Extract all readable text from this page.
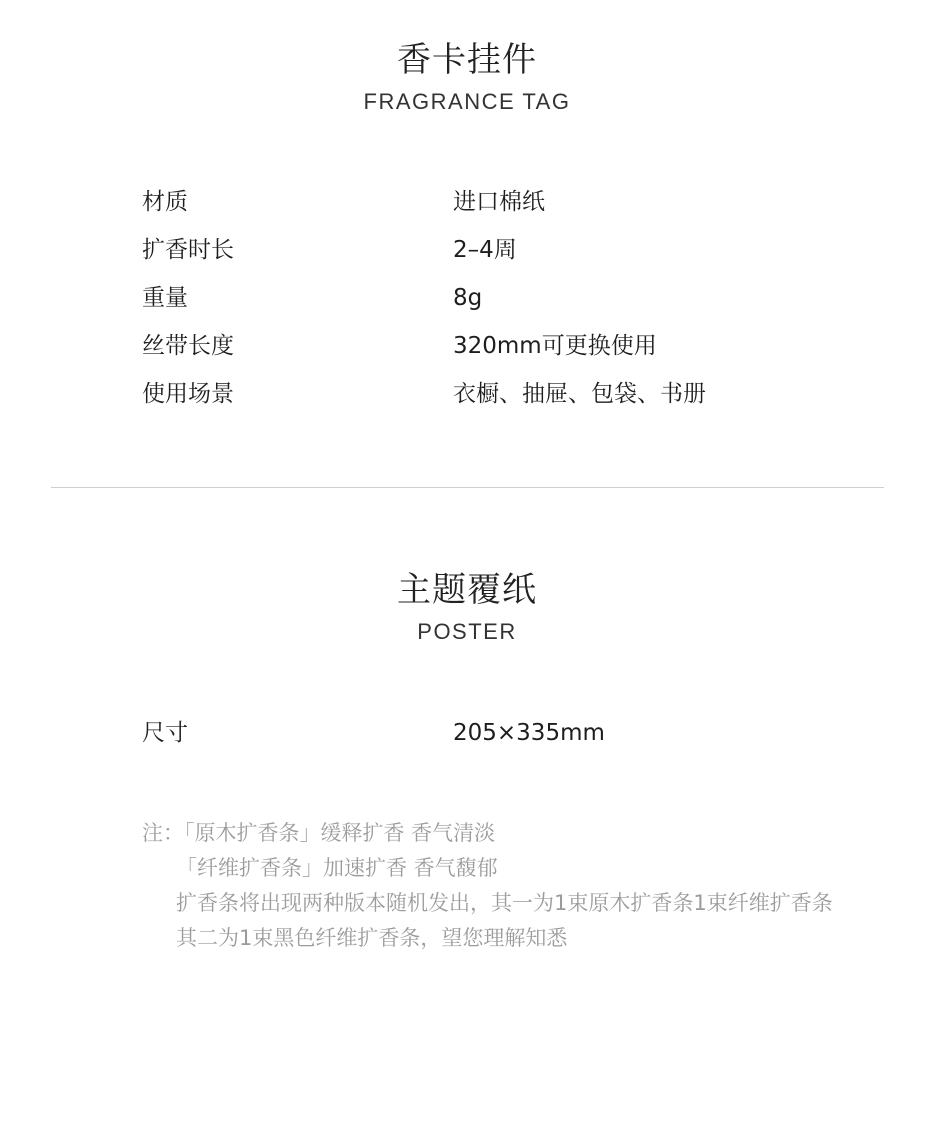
香卡挂件
FRAGRANCE TAG
材质	进口棉纸
扩香时长	2–4周
重量	8g
丝带长度	320mm可更换使用
使用场景	衣橱、抽屉、包袋、书册
主题覆纸
POSTER
尺寸	205×335mm
注：「原木扩香条」缓释扩香 香气清淡
「纤维扩香条」加速扩香 香气馥郁
扩香条将出现两种版本随机发出，其一为1束原木扩香条1束纤维扩香条
其二为1束黑色纤维扩香条，望您理解知悉
